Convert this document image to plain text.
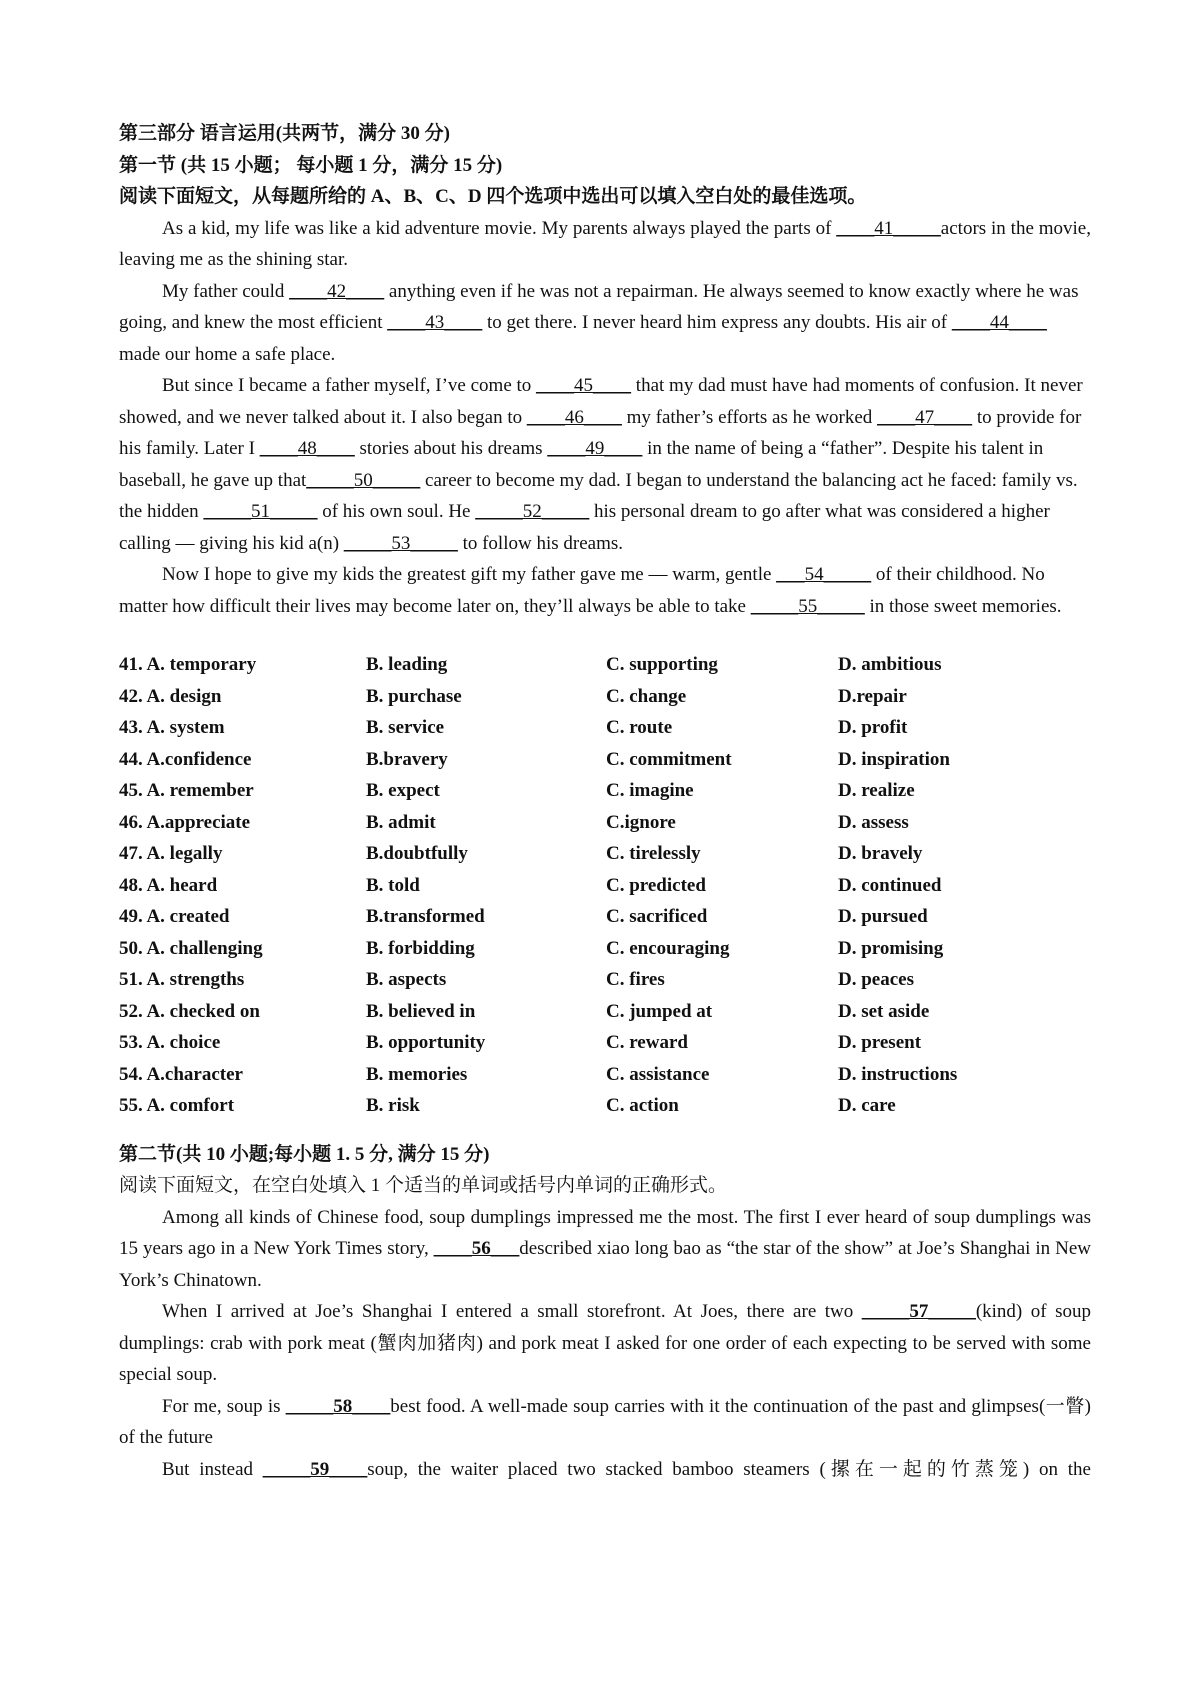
第三部分 语言运用(共两节，满分 30 分)
第一节 (共 15 小题； 每小题 1 分，满分 15 分)
阅读下面短文，从每题所给的 A、B、C、D 四个选项中选出可以填入空白处的最佳选项。

As a kid, my life was like a kid adventure movie. My parents always played the parts of ____41_____actors in the movie, leaving me as the shining star.

My father could ____42____ anything even if he was not a repairman. He always seemed to know exactly where he was going, and knew the most efficient ____43____ to get there. I never heard him express any doubts. His air of ____44____ made our home a safe place.

But since I became a father myself, I’ve come to ____45____ that my dad must have had moments of confusion. It never showed, and we never talked about it. I also began to ____46____ my father’s efforts as he worked ____47____ to provide for his family. Later I ____48____ stories about his dreams ____49____ in the name of being a “father”. Despite his talent in baseball, he gave up that_____50_____ career to become my dad. I began to understand the balancing act he faced: family vs. the hidden _____51_____ of his own soul. He _____52_____ his personal dream to go after what was considered a higher calling — giving his kid a(n) _____53_____ to follow his dreams.

Now I hope to give my kids the greatest gift my father gave me — warm, gentle ___54_____ of their childhood. No matter how difficult their lives may become later on, they’ll always be able to take _____55_____ in those sweet memories.

41. A. temporary	B. leading	C. supporting	D. ambitious
42. A. design	B. purchase	C. change	D.repair
43. A. system	B. service	C. route	D. profit
44. A.confidence	B.bravery	C. commitment	D. inspiration
45. A. remember	B. expect	C. imagine	D. realize
46. A.appreciate	B. admit	C.ignore	D. assess
47. A. legally	B.doubtfully	C. tirelessly	D. bravely
48. A. heard	B. told	C. predicted	D. continued
49. A. created	B.transformed	C. sacrificed	D. pursued
50. A. challenging	B. forbidding	C. encouraging	D. promising
51. A. strengths	B. aspects	C. fires	D. peaces
52. A. checked on	B. believed in	C. jumped at	D. set aside
53. A. choice	B. opportunity	C. reward	D. present
54. A.character	B. memories	C. assistance	D. instructions
55. A. comfort	B. risk	C. action	D. care
第二节(共 10 小题;每小题 1. 5 分, 满分 15 分)
阅读下面短文，在空白处填入 1 个适当的单词或括号内单词的正确形式。

Among all kinds of Chinese food, soup dumplings impressed me the most. The first I ever heard of soup dumplings was 15 years ago in a New York Times story, ____56___described xiao long bao as “the star of the show” at Joe’s Shanghai in New York’s Chinatown.

When I arrived at Joe’s Shanghai I entered a small storefront. At Joes, there are two _____57_____(kind) of soup dumplings: crab with pork meat (蟹肉加猪肉) and pork meat I asked for one order of each expecting to be served with some special soup.

For me, soup is _____58____best food. A well-made soup carries with it the continuation of the past and glimpses(一瞥) of the future

But instead _____59____soup, the waiter placed two stacked bamboo steamers (摞在一起的竹蒸笼) on the
